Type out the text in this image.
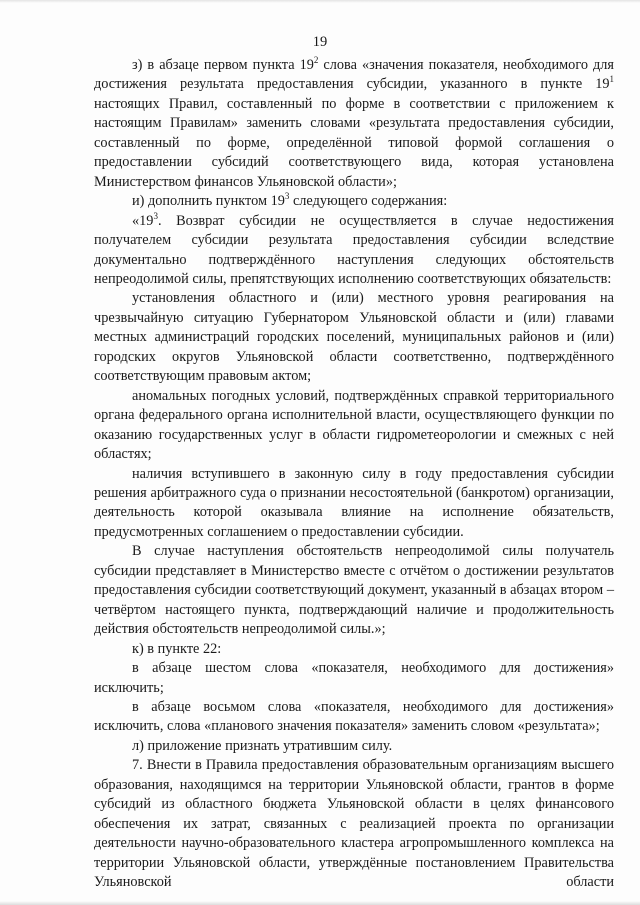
19

з) в абзаце первом пункта $19^2$ слова «значения показателя, необходимого для достижения результата предоставления субсидии, указанного в пункте $19^1$ настоящих Правил, составленный по форме в соответствии с приложением к настоящим Правилам» заменить словами «результата предоставления субсидии, составленный по форме, определённой типовой формой соглашения о предоставлении субсидий соответствующего вида, которая установлена Министерством финансов Ульяновской области»;

и) дополнить пунктом $19^3$ следующего содержания:

«$19^3$. Возврат субсидии не осуществляется в случае недостижения получателем субсидии результата предоставления субсидии вследствие документально подтверждённого наступления следующих обстоятельств непреодолимой силы, препятствующих исполнению соответствующих обязательств:

установления областного и (или) местного уровня реагирования на чрезвычайную ситуацию Губернатором Ульяновской области и (или) главами местных администраций городских поселений, муниципальных районов и (или) городских округов Ульяновской области соответственно, подтверждённого соответствующим правовым актом;

аномальных погодных условий, подтверждённых справкой территориального органа федерального органа исполнительной власти, осуществляющего функции по оказанию государственных услуг в области гидрометеорологии и смежных с ней областях;

наличия вступившего в законную силу в году предоставления субсидии решения арбитражного суда о признании несостоятельной (банкротом) организации, деятельность которой оказывала влияние на исполнение обязательств, предусмотренных соглашением о предоставлении субсидии.

В случае наступления обстоятельств непреодолимой силы получатель субсидии представляет в Министерство вместе с отчётом о достижении результатов предоставления субсидии соответствующий документ, указанный в абзацах втором – четвёртом настоящего пункта, подтверждающий наличие и продолжительность действия обстоятельств непреодолимой силы.»;

к) в пункте 22:

в абзаце шестом слова «показателя, необходимого для достижения» исключить;

в абзаце восьмом слова «показателя, необходимого для достижения» исключить, слова «планового значения показателя» заменить словом «результата»;

л) приложение признать утратившим силу.

7. Внести в Правила предоставления образовательным организациям высшего образования, находящимся на территории Ульяновской области, грантов в форме субсидий из областного бюджета Ульяновской области в целях финансового обеспечения их затрат, связанных с реализацией проекта по организации деятельности научно-образовательного кластера агропромышленного комплекса на территории Ульяновской области, утверждённые постановлением Правительства Ульяновской области
